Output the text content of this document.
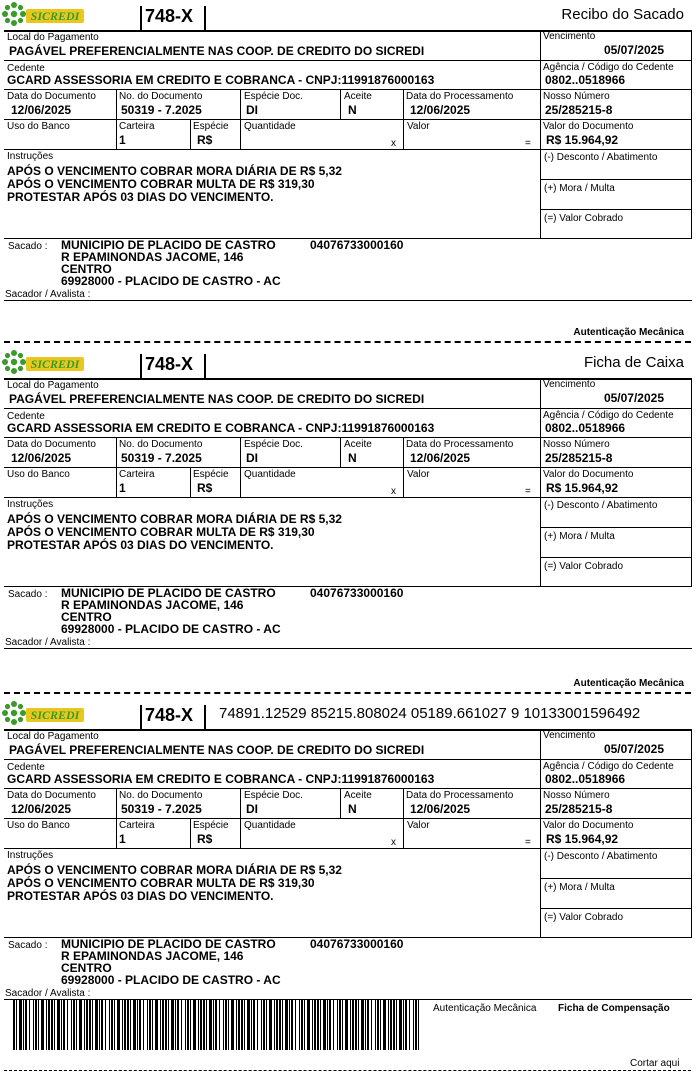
SICREDI	748-X	Recibo do Sacado
Local do Pagamento
PAGÁVEL PREFERENCIALMENTE NAS COOP. DE CREDITO DO SICREDI
Vencimento
05/07/2025
Cedente
GCARD ASSESSORIA EM CREDITO E COBRANCA - CNPJ:11991876000163
Agência / Código do Cedente
0802..0518966
Data do Documento
12/06/2025
No. do Documento
50319 - 7.2025
Espécie Doc.
DI
Aceite
N
Data do Processamento
12/06/2025
Nosso Número
25/285215-8
Uso do Banco	Carteira
1
Espécie
R$
Quantidade
x
Valor
=
Valor do Documento
R$ 15.964,92
Instruções
APÓS O VENCIMENTO COBRAR MORA DIÁRIA DE R$ 5,32
APÓS O VENCIMENTO COBRAR MULTA DE R$ 319,30
PROTESTAR APÓS 03 DIAS DO VENCIMENTO.
(-) Desconto / Abatimento
(+) Mora / Multa
(=) Valor Cobrado
Sacado : MUNICIPIO DE PLACIDO DE CASTRO	04076733000160
R EPAMINONDAS JACOME, 146
CENTRO
69928000 - PLACIDO DE CASTRO - AC
Sacador / Avalista :
SICREDI	748-X	Ficha de Caixa
Local do Pagamento
PAGÁVEL PREFERENCIALMENTE NAS COOP. DE CREDITO DO SICREDI
Vencimento
05/07/2025
Cedente
GCARD ASSESSORIA EM CREDITO E COBRANCA - CNPJ:11991876000163
Agência / Código do Cedente
0802..0518966
Data do Documento
12/06/2025
No. do Documento
50319 - 7.2025
Espécie Doc.
DI
Aceite
N
Data do Processamento
12/06/2025
Nosso Número
25/285215-8
Uso do Banco	Carteira
1
Espécie
R$
Quantidade
x
Valor
=
Valor do Documento
R$ 15.964,92
Instruções
APÓS O VENCIMENTO COBRAR MORA DIÁRIA DE R$ 5,32
APÓS O VENCIMENTO COBRAR MULTA DE R$ 319,30
PROTESTAR APÓS 03 DIAS DO VENCIMENTO.
(-) Desconto / Abatimento
(+) Mora / Multa
(=) Valor Cobrado
Sacado : MUNICIPIO DE PLACIDO DE CASTRO	04076733000160
R EPAMINONDAS JACOME, 146
CENTRO
69928000 - PLACIDO DE CASTRO - AC
Sacador / Avalista :
SICREDI	748-X 74891.12529 85215.808024 05189.661027 9 10133001596492
Local do Pagamento
PAGÁVEL PREFERENCIALMENTE NAS COOP. DE CREDITO DO SICREDI
Vencimento
05/07/2025
Cedente
GCARD ASSESSORIA EM CREDITO E COBRANCA - CNPJ:11991876000163
Agência / Código do Cedente
0802..0518966
Data do Documento
12/06/2025
No. do Documento
50319 - 7.2025
Espécie Doc.
DI
Aceite
N
Data do Processamento
12/06/2025
Nosso Número
25/285215-8
Uso do Banco	Carteira
1
Espécie
R$
Quantidade
x
Valor
=
Valor do Documento
R$ 15.964,92
Instruções
APÓS O VENCIMENTO COBRAR MORA DIÁRIA DE R$ 5,32
APÓS O VENCIMENTO COBRAR MULTA DE R$ 319,30
PROTESTAR APÓS 03 DIAS DO VENCIMENTO.
(-) Desconto / Abatimento
(+) Mora / Multa
(=) Valor Cobrado
Sacado : MUNICIPIO DE PLACIDO DE CASTRO	04076733000160
R EPAMINONDAS JACOME, 146
CENTRO
69928000 - PLACIDO DE CASTRO - AC
Sacador / Avalista :
Autenticação Mecânica
Autenticação Mecânica
Autenticação Mecânica Ficha de Compensação
Cortar aqui
